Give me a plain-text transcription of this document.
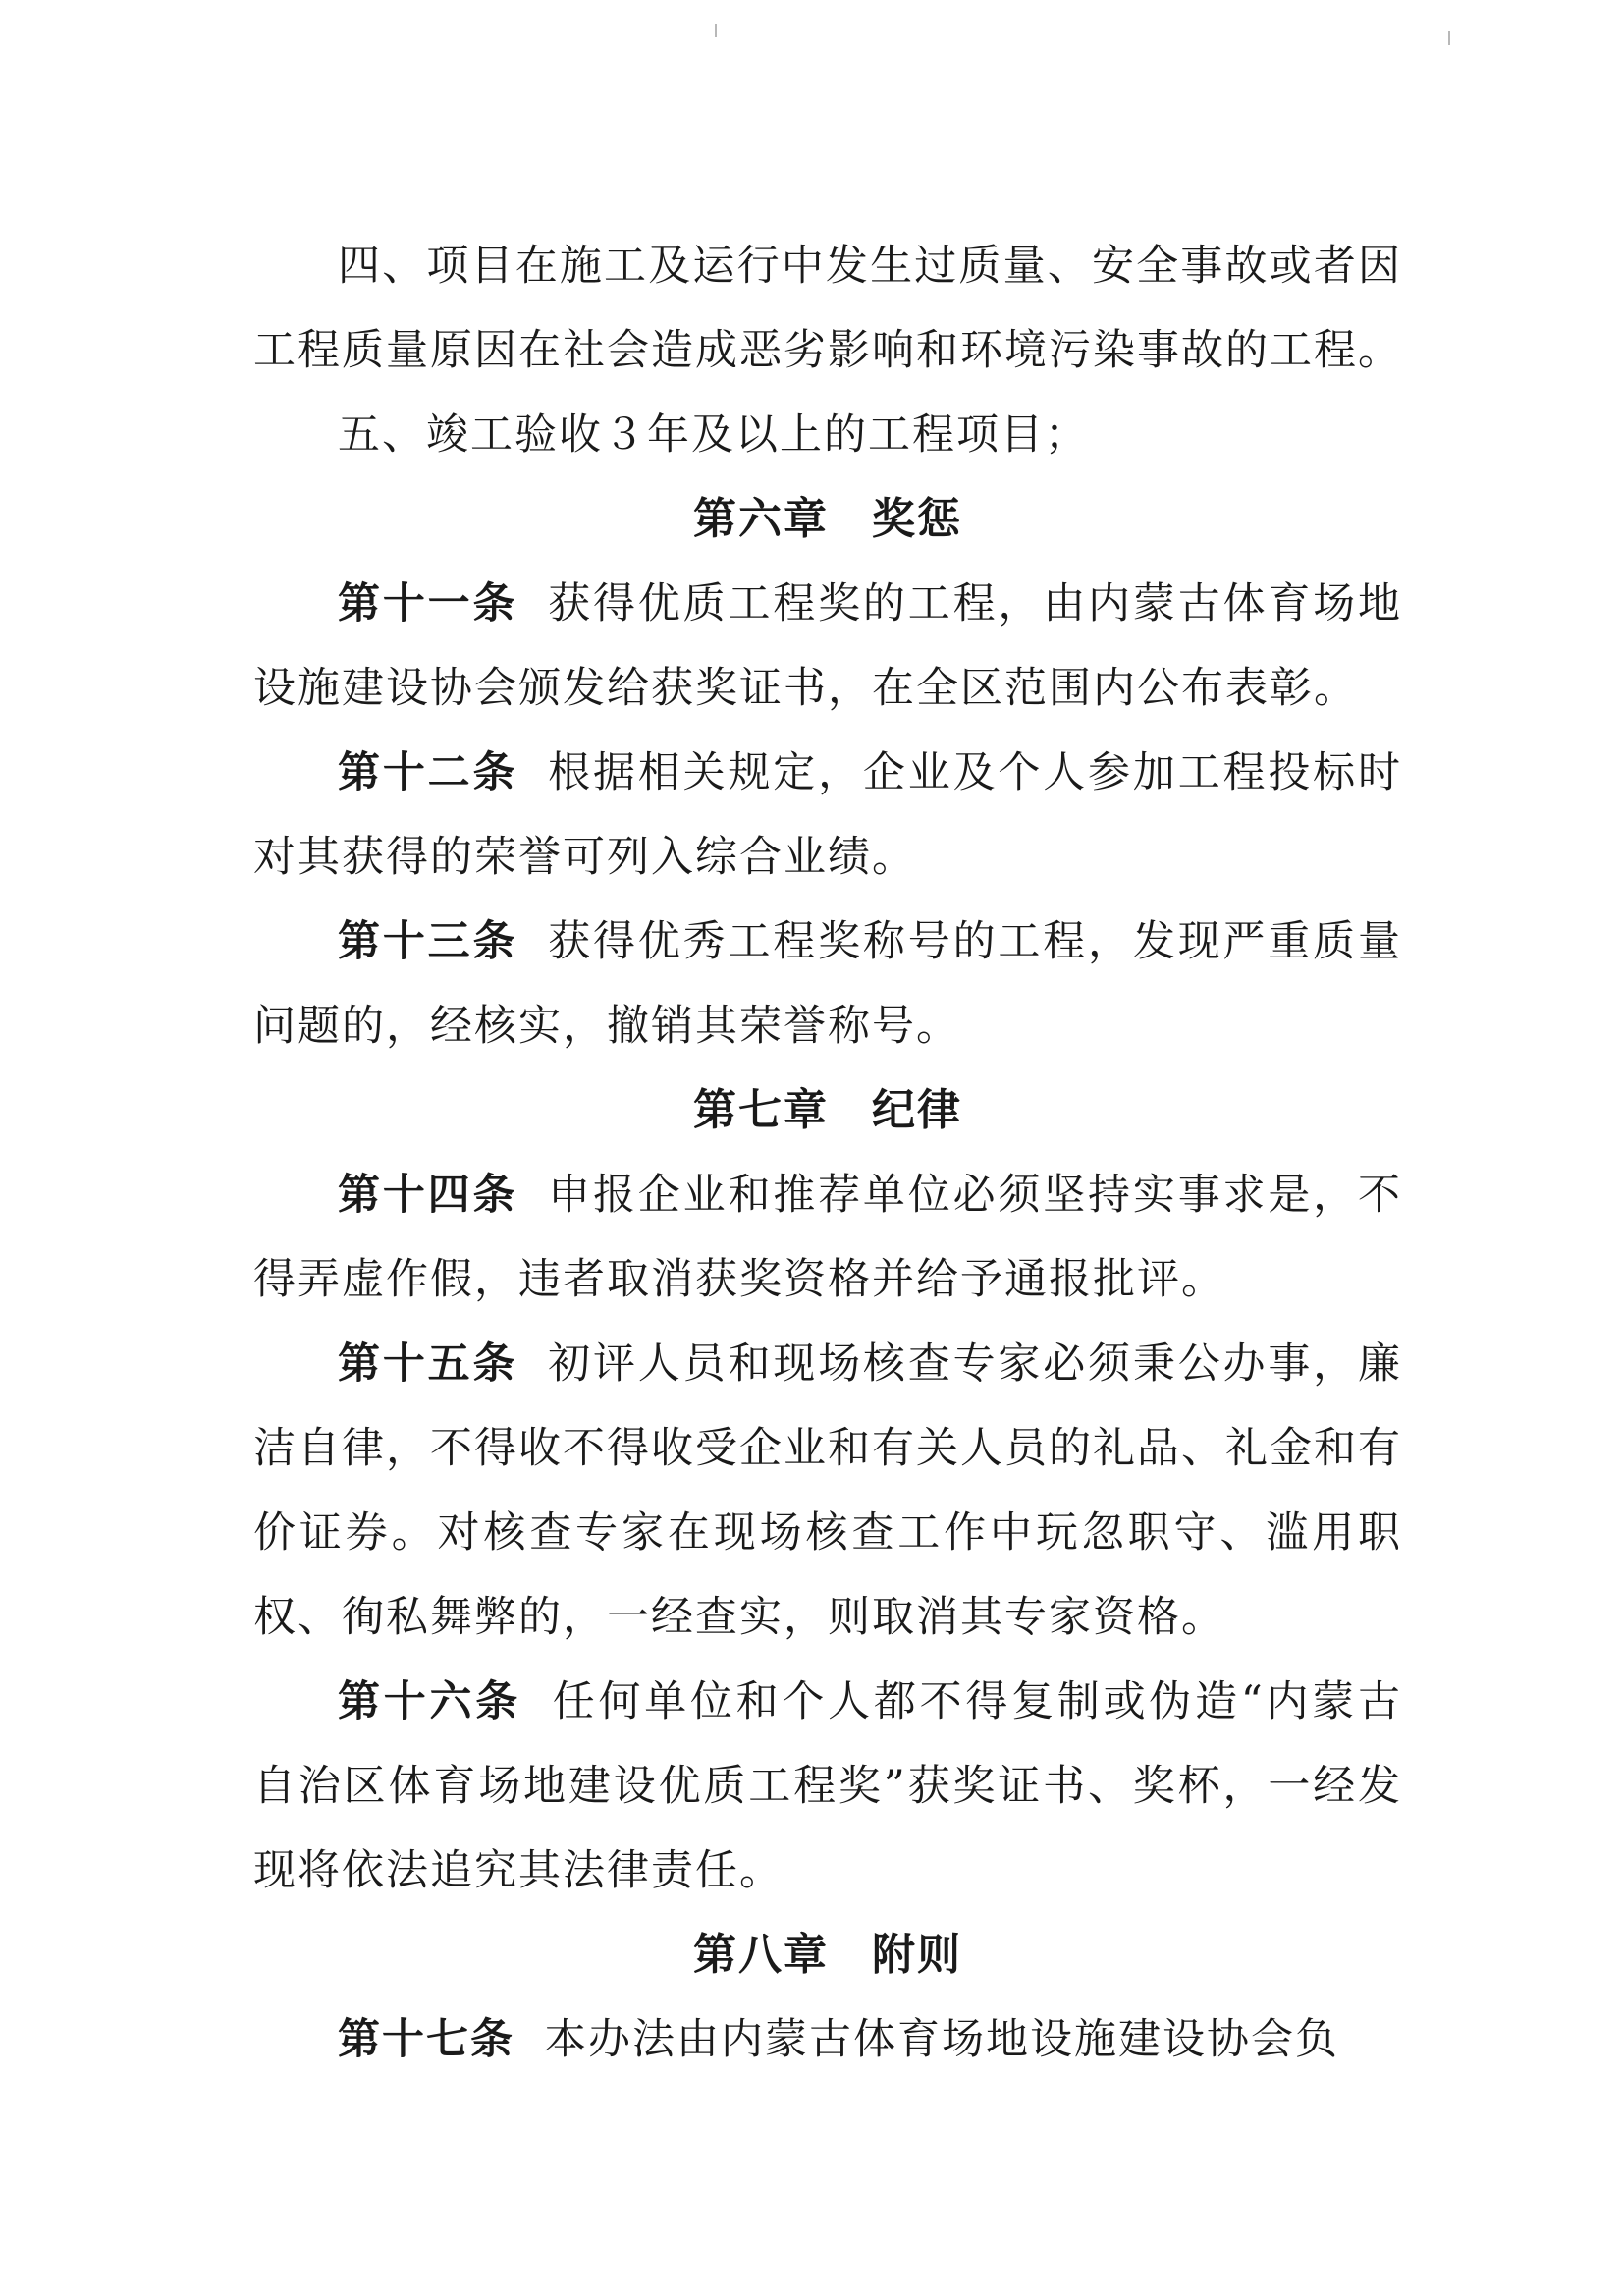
四、项目在施工及运行中发生过质量、安全事故或者因工程质量原因在社会造成恶劣影响和环境污染事故的工程。

五、竣工验收３年及以上的工程项目；

第六章 奖惩

第十一条 获得优质工程奖的工程，由内蒙古体育场地设施建设协会颁发给获奖证书，在全区范围内公布表彰。

第十二条 根据相关规定，企业及个人参加工程投标时对其获得的荣誉可列入综合业绩。

第十三条 获得优秀工程奖称号的工程，发现严重质量问题的，经核实，撤销其荣誉称号。

第七章 纪律

第十四条 申报企业和推荐单位必须坚持实事求是，不得弄虚作假，违者取消获奖资格并给予通报批评。

第十五条 初评人员和现场核查专家必须秉公办事，廉洁自律，不得收不得收受企业和有关人员的礼品、礼金和有价证券。对核查专家在现场核查工作中玩忽职守、滥用职权、徇私舞弊的，一经查实，则取消其专家资格。

第十六条 任何单位和个人都不得复制或伪造“内蒙古自治区体育场地建设优质工程奖”获奖证书、奖杯，一经发现将依法追究其法律责任。

第八章 附则

第十七条 本办法由内蒙古体育场地设施建设协会负
